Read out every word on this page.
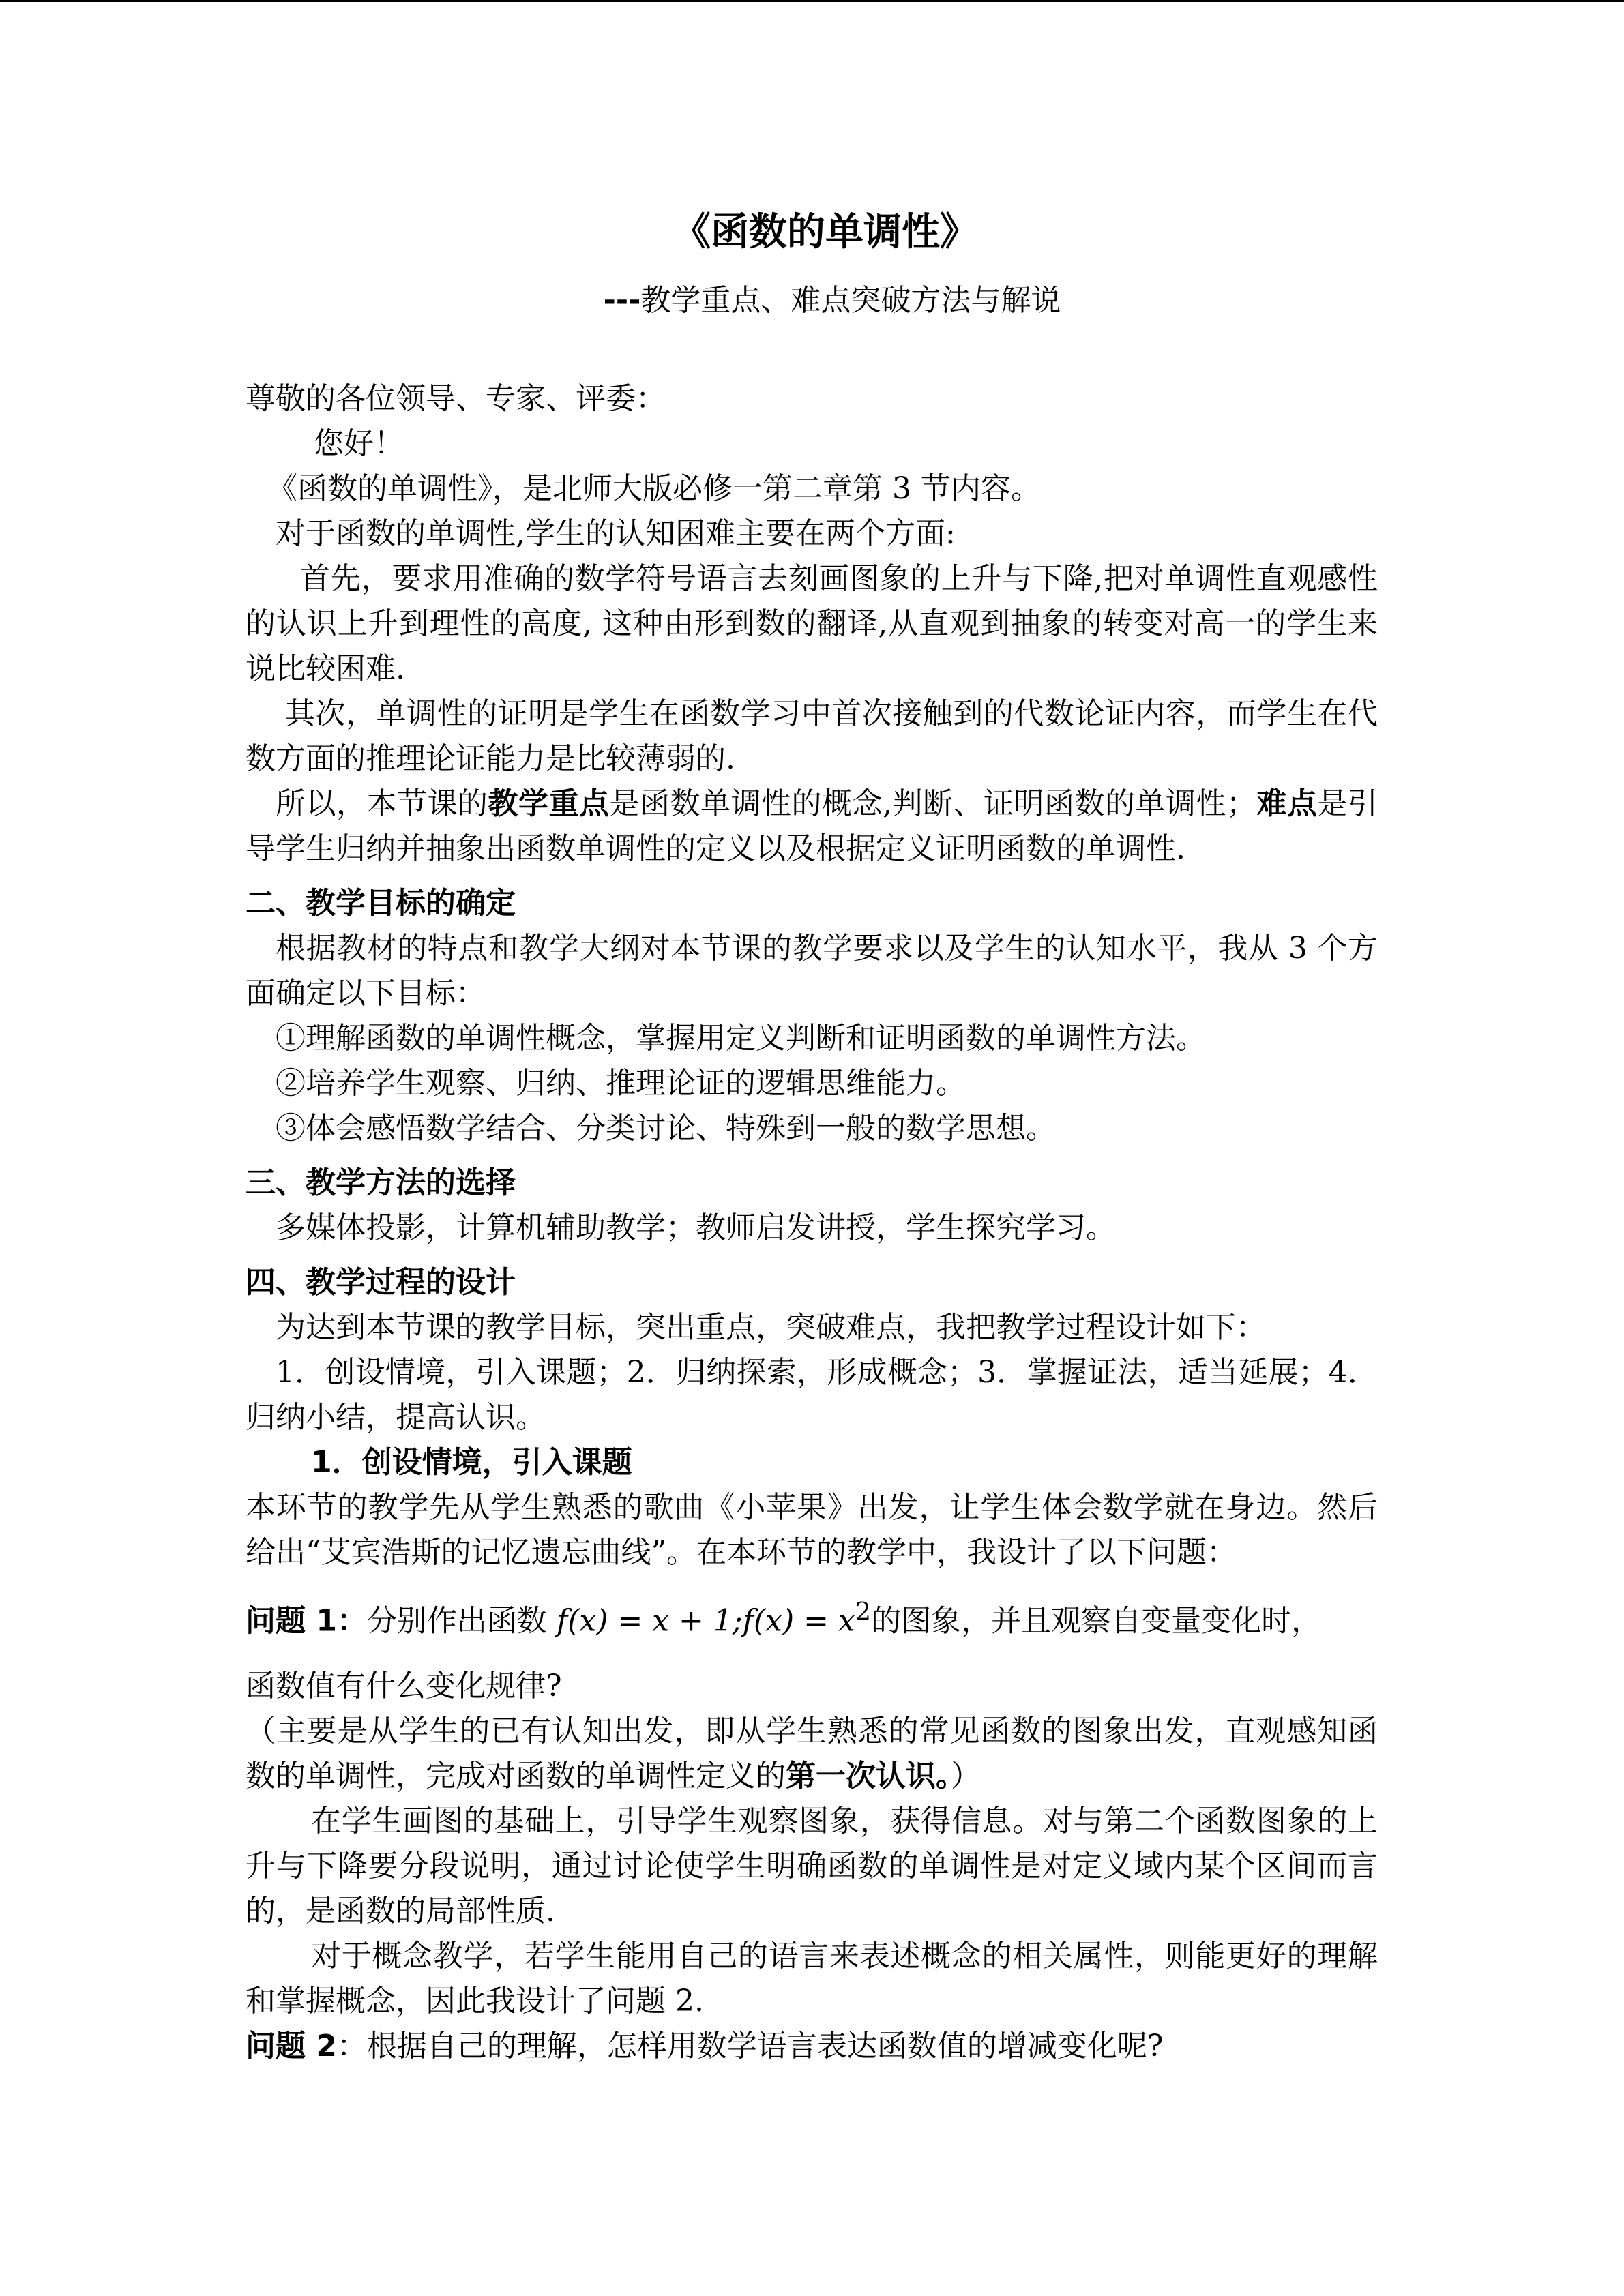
《函数的单调性》
---教学重点、难点突破方法与解说

尊敬的各位领导、专家、评委：

您好！

《函数的单调性》，是北师大版必修一第二章第 3 节内容。

对于函数的单调性,学生的认知困难主要在两个方面:

首先，要求用准确的数学符号语言去刻画图象的上升与下降,把对单调性直观感性的认识上升到理性的高度, 这种由形到数的翻译,从直观到抽象的转变对高一的学生来说比较困难.

其次，单调性的证明是学生在函数学习中首次接触到的代数论证内容，而学生在代数方面的推理论证能力是比较薄弱的.

所以，本节课的教学重点是函数单调性的概念,判断、证明函数的单调性；难点是引导学生归纳并抽象出函数单调性的定义以及根据定义证明函数的单调性.

二、教学目标的确定

根据教材的特点和教学大纲对本节课的教学要求以及学生的认知水平，我从 3 个方面确定以下目标：

①理解函数的单调性概念，掌握用定义判断和证明函数的单调性方法。

②培养学生观察、归纳、推理论证的逻辑思维能力。

③体会感悟数学结合、分类讨论、特殊到一般的数学思想。

三、教学方法的选择

多媒体投影，计算机辅助教学；教师启发讲授，学生探究学习。

四、教学过程的设计

为达到本节课的教学目标，突出重点，突破难点，我把教学过程设计如下：

1．创设情境，引入课题；2．归纳探索，形成概念；3．掌握证法，适当延展；4．归纳小结，提高认识。

1．创设情境，引入课题

本环节的教学先从学生熟悉的歌曲《小苹果》出发，让学生体会数学就在身边。然后给出“艾宾浩斯的记忆遗忘曲线”。在本环节的教学中，我设计了以下问题：

问题 1：分别作出函数 f(x) = x + 1;f(x) = $x^2$的图象，并且观察自变量变化时，

函数值有什么变化规律?

（主要是从学生的已有认知出发，即从学生熟悉的常见函数的图象出发，直观感知函数的单调性，完成对函数的单调性定义的第一次认识。）

在学生画图的基础上，引导学生观察图象，获得信息。对与第二个函数图象的上升与下降要分段说明，通过讨论使学生明确函数的单调性是对定义域内某个区间而言的，是函数的局部性质.

对于概念教学，若学生能用自己的语言来表述概念的相关属性，则能更好的理解和掌握概念，因此我设计了问题 2.

问题 2：根据自己的理解，怎样用数学语言表达函数值的增减变化呢?
